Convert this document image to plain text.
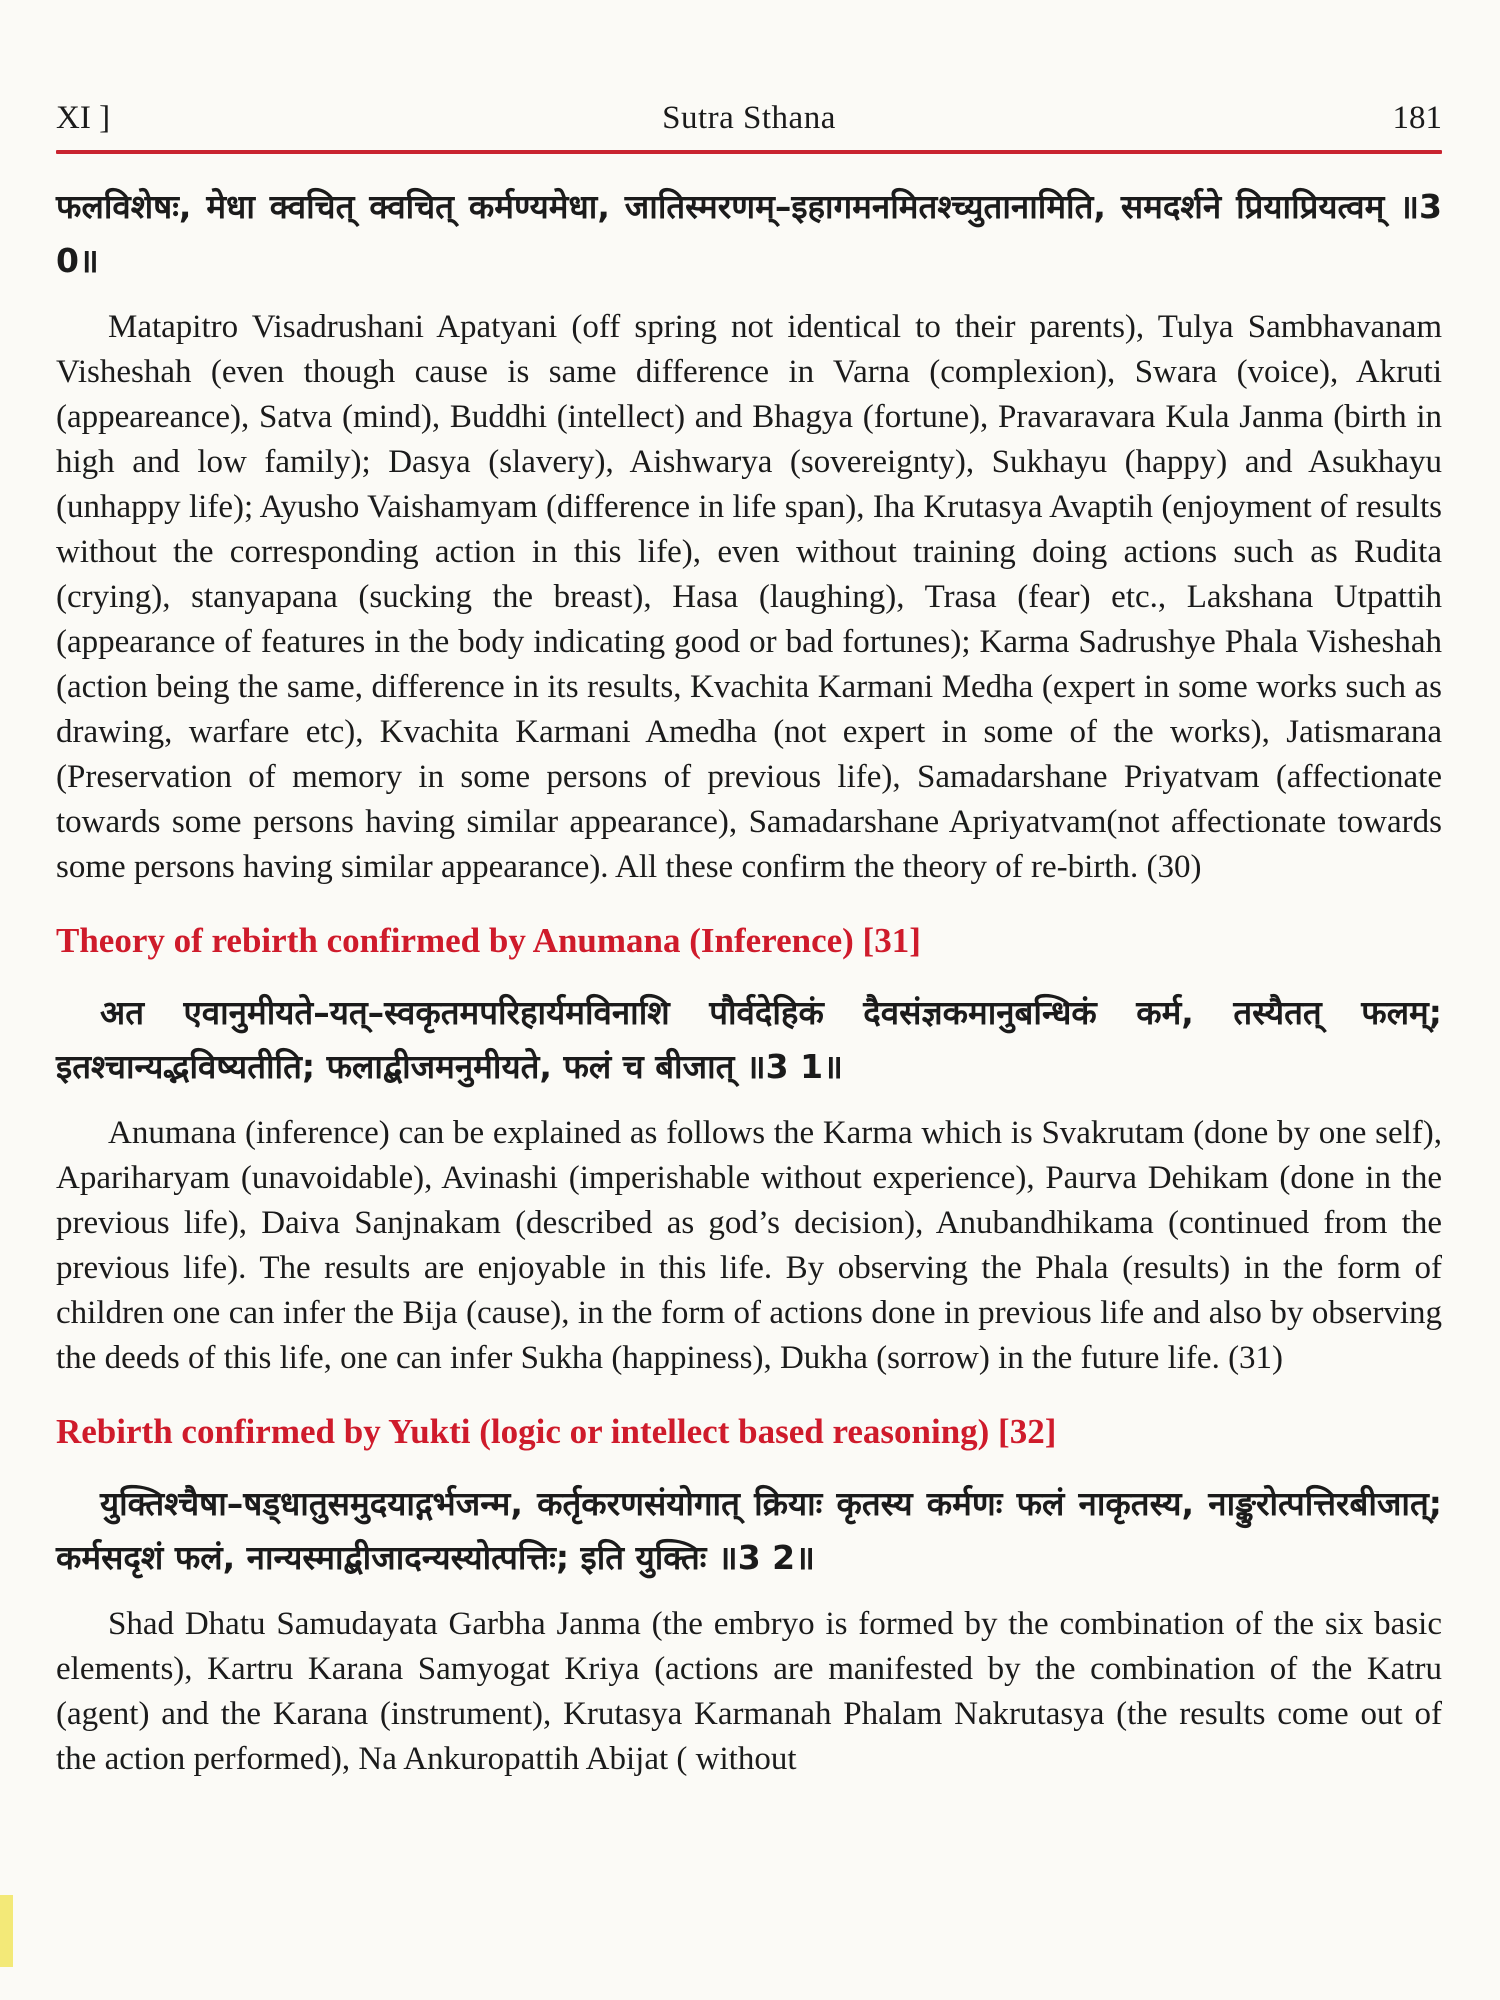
XI ]	Sutra Sthana	181

फलविशेषः, मेधा क्वचित् क्वचित् कर्मण्यमेधा, जातिस्मरणम्–इहागमनमितश्च्युतानामिति, समदर्शने प्रियाप्रियत्वम् ॥3 0॥

Matapitro Visadrushani Apatyani (off spring not identical to their parents), Tulya Sambhavanam Visheshah (even though cause is same difference in Varna (complexion), Swara (voice), Akruti (appeareance), Satva (mind), Buddhi (intellect) and Bhagya (fortune), Pravaravara Kula Janma (birth in high and low family); Dasya (slavery), Aishwarya (sovereignty), Sukhayu (happy) and Asukhayu (unhappy life); Ayusho Vaishamyam (difference in life span), Iha Krutasya Avaptih (enjoyment of results without the corresponding action in this life), even without training doing actions such as Rudita (crying), stanyapana (sucking the breast), Hasa (laughing), Trasa (fear) etc., Lakshana Utpattih (appearance of features in the body indicating good or bad fortunes); Karma Sadrushye Phala Visheshah (action being the same, difference in its results, Kvachita Karmani Medha (expert in some works such as drawing, warfare etc), Kvachita Karmani Amedha (not expert in some of the works), Jatismarana (Preservation of memory in some persons of previous life), Samadarshane Priyatvam (affectionate towards some persons having similar appearance), Samadarshane Apriyatvam(not affectionate towards some persons having similar appearance). All these confirm the theory of re-birth. (30)

Theory of rebirth confirmed by Anumana (Inference) [31]

अत एवानुमीयते–यत्–स्वकृतमपरिहार्यमविनाशि पौर्वदेहिकं दैवसंज्ञकमानुबन्धिकं कर्म, तस्यैतत् फलम्; इतश्चान्यद्भविष्यतीति; फलाद्बीजमनुमीयते, फलं च बीजात् ॥3 1॥

Anumana (inference) can be explained as follows the Karma which is Svakrutam (done by one self), Apariharyam (unavoidable), Avinashi (imperishable without experience), Paurva Dehikam (done in the previous life), Daiva Sanjnakam (described as god’s decision), Anubandhikama (continued from the previous life). The results are enjoyable in this life. By observing the Phala (results) in the form of children one can infer the Bija (cause), in the form of actions done in previous life and also by observing the deeds of this life, one can infer Sukha (happiness), Dukha (sorrow) in the future life. (31)

Rebirth confirmed by Yukti (logic or intellect based reasoning) [32]

युक्तिश्चैषा–षड्धातुसमुदयाद्गर्भजन्म, कर्तृकरणसंयोगात् क्रियाः कृतस्य कर्मणः फलं नाकृतस्य, नाङ्कुरोत्पत्तिरबीजात्; कर्मसदृशं फलं, नान्यस्माद्बीजादन्यस्योत्पत्तिः; इति युक्तिः ॥3 2॥

Shad Dhatu Samudayata Garbha Janma (the embryo is formed by the combination of the six basic elements), Kartru Karana Samyogat Kriya (actions are manifested by the combination of the Katru (agent) and the Karana (instrument), Krutasya Karmanah Phalam Nakrutasya (the results come out of the action performed), Na Ankuropattih Abijat ( without
